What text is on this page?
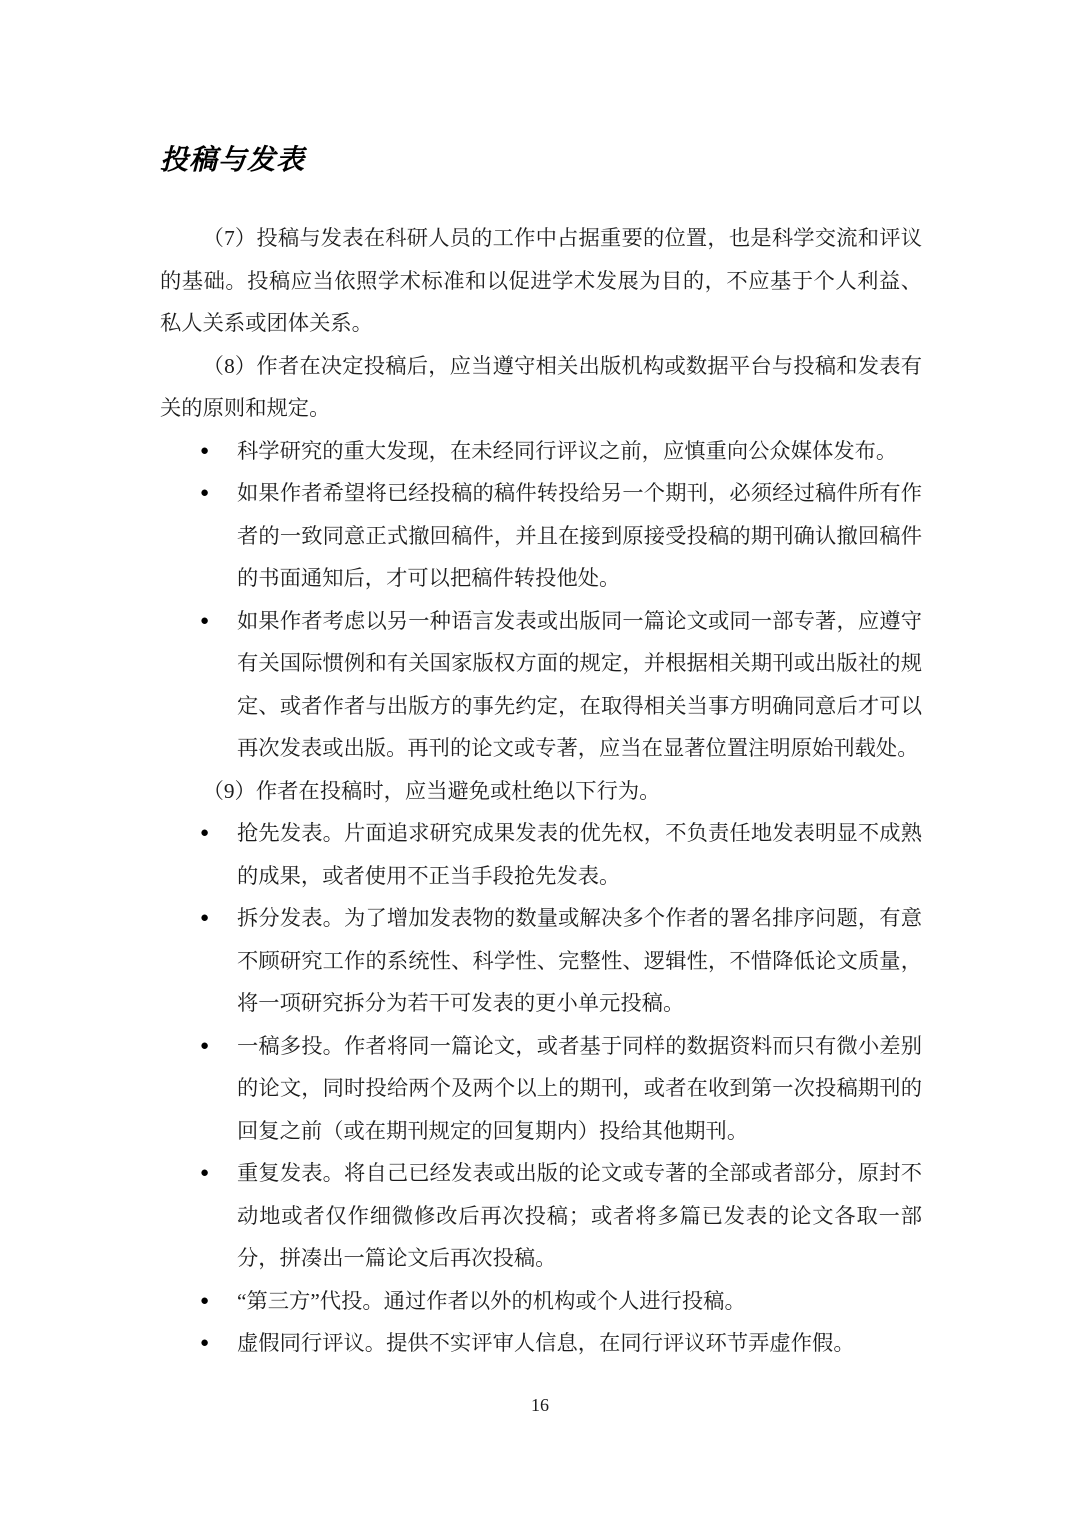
投稿与发表

（7）投稿与发表在科研人员的工作中占据重要的位置，也是科学交流和评议的基础。投稿应当依照学术标准和以促进学术发展为目的，不应基于个人利益、私人关系或团体关系。

（8）作者在决定投稿后，应当遵守相关出版机构或数据平台与投稿和发表有关的原则和规定。

● 科学研究的重大发现，在未经同行评议之前，应慎重向公众媒体发布。
● 如果作者希望将已经投稿的稿件转投给另一个期刊，必须经过稿件所有作者的一致同意正式撤回稿件，并且在接到原接受投稿的期刊确认撤回稿件的书面通知后，才可以把稿件转投他处。
● 如果作者考虑以另一种语言发表或出版同一篇论文或同一部专著，应遵守有关国际惯例和有关国家版权方面的规定，并根据相关期刊或出版社的规定、或者作者与出版方的事先约定，在取得相关当事方明确同意后才可以再次发表或出版。再刊的论文或专著，应当在显著位置注明原始刊载处。

（9）作者在投稿时，应当避免或杜绝以下行为。

● 抢先发表。片面追求研究成果发表的优先权，不负责任地发表明显不成熟的成果，或者使用不正当手段抢先发表。
● 拆分发表。为了增加发表物的数量或解决多个作者的署名排序问题，有意不顾研究工作的系统性、科学性、完整性、逻辑性，不惜降低论文质量，将一项研究拆分为若干可发表的更小单元投稿。
● 一稿多投。作者将同一篇论文，或者基于同样的数据资料而只有微小差别的论文，同时投给两个及两个以上的期刊，或者在收到第一次投稿期刊的回复之前（或在期刊规定的回复期内）投给其他期刊。
● 重复发表。将自己已经发表或出版的论文或专著的全部或者部分，原封不动地或者仅作细微修改后再次投稿；或者将多篇已发表的论文各取一部分，拼凑出一篇论文后再次投稿。
● “第三方”代投。通过作者以外的机构或个人进行投稿。
● 虚假同行评议。提供不实评审人信息，在同行评议环节弄虚作假。
16
